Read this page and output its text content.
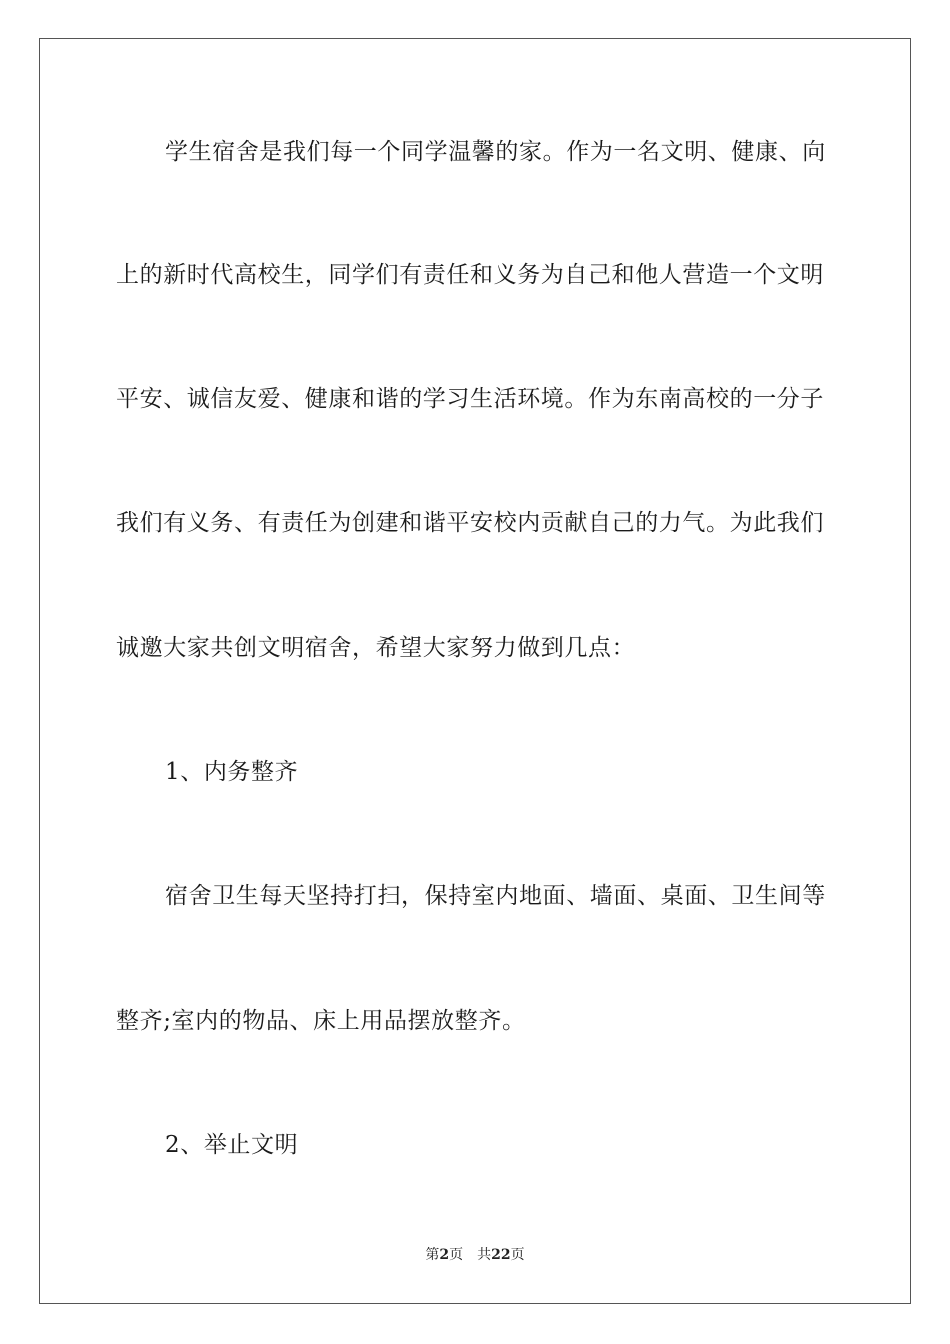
学生宿舍是我们每一个同学温馨的家。作为一名文明、健康、向
上的新时代高校生，同学们有责任和义务为自己和他人营造一个文明
平安、诚信友爱、健康和谐的学习生活环境。作为东南高校的一分子
我们有义务、有责任为创建和谐平安校内贡献自己的力气。为此我们
诚邀大家共创文明宿舍，希望大家努力做到几点：
1、内务整齐
宿舍卫生每天坚持打扫，保持室内地面、墙面、桌面、卫生间等
整齐;室内的物品、床上用品摆放整齐。
2、举止文明
第2页 共22页
